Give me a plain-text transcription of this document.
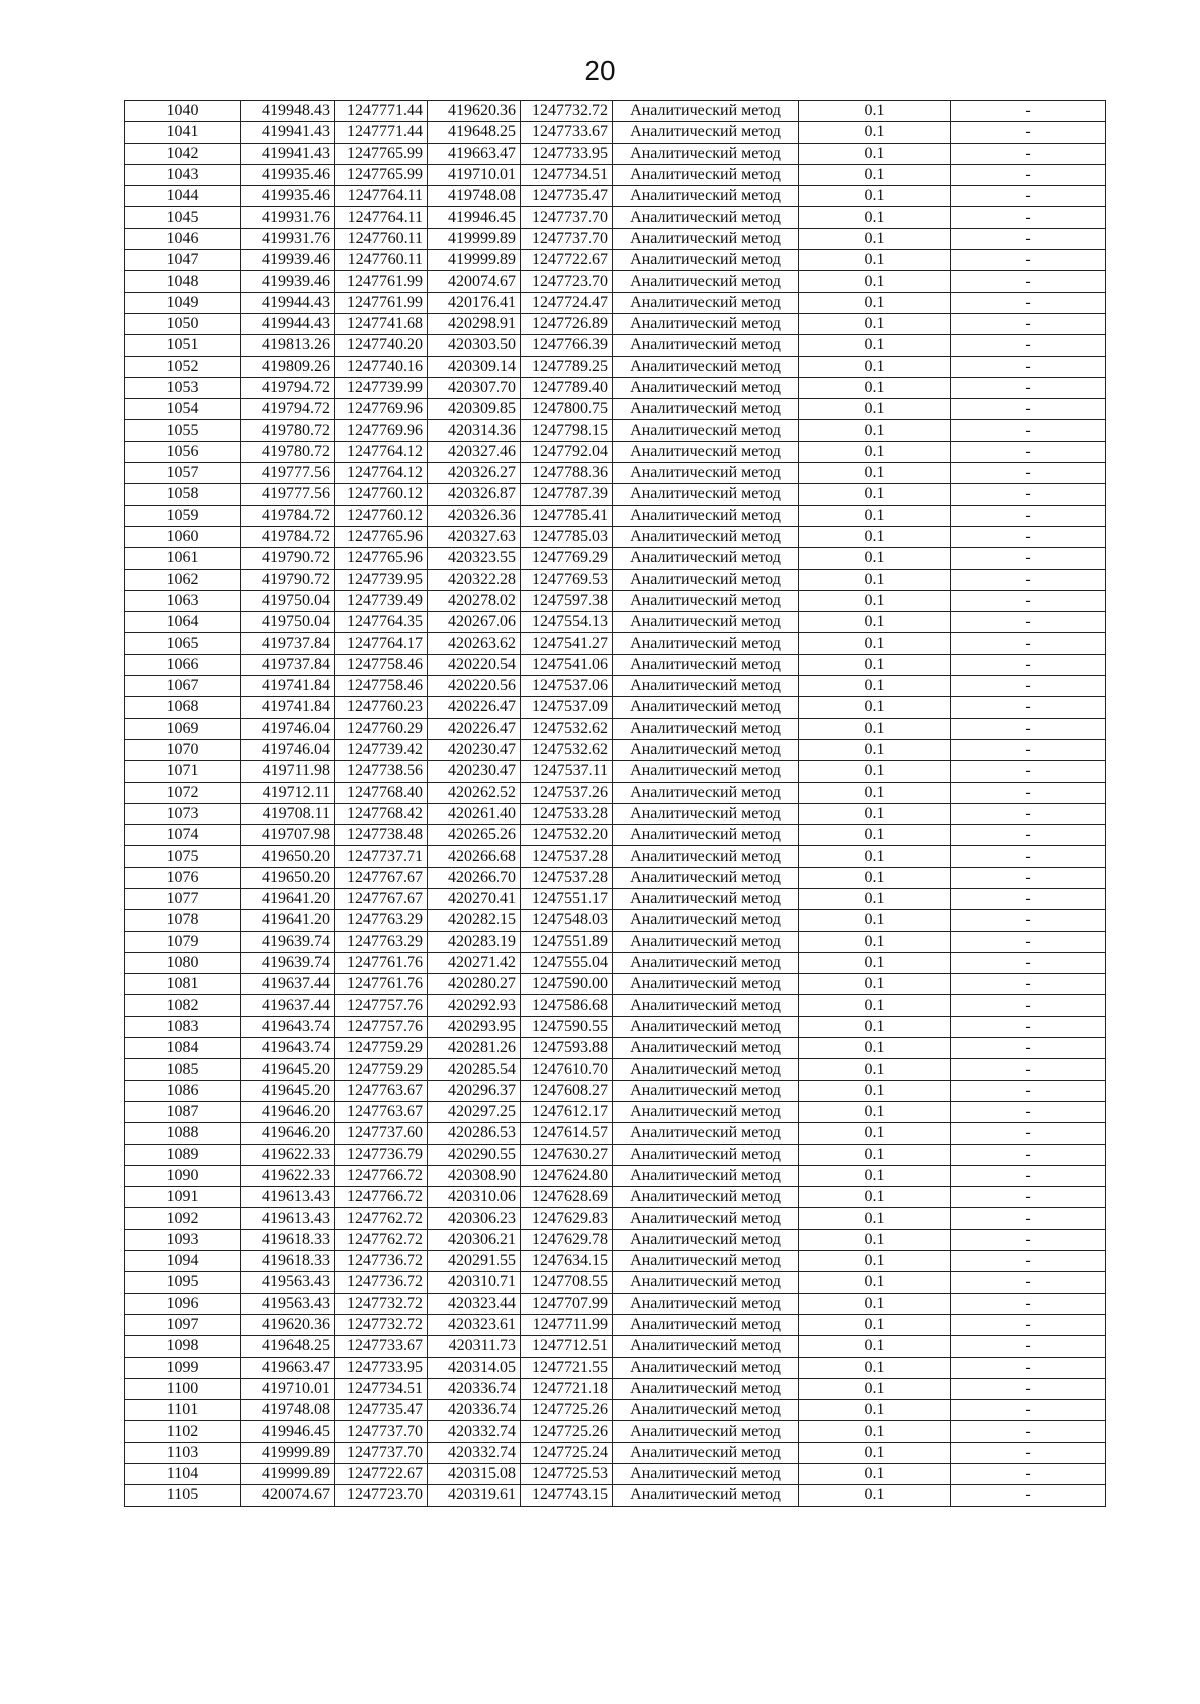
20
1040	419948.43	1247771.44	419620.36	1247732.72	Аналитический метод	0.1	-
1041	419941.43	1247771.44	419648.25	1247733.67	Аналитический метод	0.1	-
1042	419941.43	1247765.99	419663.47	1247733.95	Аналитический метод	0.1	-
1043	419935.46	1247765.99	419710.01	1247734.51	Аналитический метод	0.1	-
1044	419935.46	1247764.11	419748.08	1247735.47	Аналитический метод	0.1	-
1045	419931.76	1247764.11	419946.45	1247737.70	Аналитический метод	0.1	-
1046	419931.76	1247760.11	419999.89	1247737.70	Аналитический метод	0.1	-
1047	419939.46	1247760.11	419999.89	1247722.67	Аналитический метод	0.1	-
1048	419939.46	1247761.99	420074.67	1247723.70	Аналитический метод	0.1	-
1049	419944.43	1247761.99	420176.41	1247724.47	Аналитический метод	0.1	-
1050	419944.43	1247741.68	420298.91	1247726.89	Аналитический метод	0.1	-
1051	419813.26	1247740.20	420303.50	1247766.39	Аналитический метод	0.1	-
1052	419809.26	1247740.16	420309.14	1247789.25	Аналитический метод	0.1	-
1053	419794.72	1247739.99	420307.70	1247789.40	Аналитический метод	0.1	-
1054	419794.72	1247769.96	420309.85	1247800.75	Аналитический метод	0.1	-
1055	419780.72	1247769.96	420314.36	1247798.15	Аналитический метод	0.1	-
1056	419780.72	1247764.12	420327.46	1247792.04	Аналитический метод	0.1	-
1057	419777.56	1247764.12	420326.27	1247788.36	Аналитический метод	0.1	-
1058	419777.56	1247760.12	420326.87	1247787.39	Аналитический метод	0.1	-
1059	419784.72	1247760.12	420326.36	1247785.41	Аналитический метод	0.1	-
1060	419784.72	1247765.96	420327.63	1247785.03	Аналитический метод	0.1	-
1061	419790.72	1247765.96	420323.55	1247769.29	Аналитический метод	0.1	-
1062	419790.72	1247739.95	420322.28	1247769.53	Аналитический метод	0.1	-
1063	419750.04	1247739.49	420278.02	1247597.38	Аналитический метод	0.1	-
1064	419750.04	1247764.35	420267.06	1247554.13	Аналитический метод	0.1	-
1065	419737.84	1247764.17	420263.62	1247541.27	Аналитический метод	0.1	-
1066	419737.84	1247758.46	420220.54	1247541.06	Аналитический метод	0.1	-
1067	419741.84	1247758.46	420220.56	1247537.06	Аналитический метод	0.1	-
1068	419741.84	1247760.23	420226.47	1247537.09	Аналитический метод	0.1	-
1069	419746.04	1247760.29	420226.47	1247532.62	Аналитический метод	0.1	-
1070	419746.04	1247739.42	420230.47	1247532.62	Аналитический метод	0.1	-
1071	419711.98	1247738.56	420230.47	1247537.11	Аналитический метод	0.1	-
1072	419712.11	1247768.40	420262.52	1247537.26	Аналитический метод	0.1	-
1073	419708.11	1247768.42	420261.40	1247533.28	Аналитический метод	0.1	-
1074	419707.98	1247738.48	420265.26	1247532.20	Аналитический метод	0.1	-
1075	419650.20	1247737.71	420266.68	1247537.28	Аналитический метод	0.1	-
1076	419650.20	1247767.67	420266.70	1247537.28	Аналитический метод	0.1	-
1077	419641.20	1247767.67	420270.41	1247551.17	Аналитический метод	0.1	-
1078	419641.20	1247763.29	420282.15	1247548.03	Аналитический метод	0.1	-
1079	419639.74	1247763.29	420283.19	1247551.89	Аналитический метод	0.1	-
1080	419639.74	1247761.76	420271.42	1247555.04	Аналитический метод	0.1	-
1081	419637.44	1247761.76	420280.27	1247590.00	Аналитический метод	0.1	-
1082	419637.44	1247757.76	420292.93	1247586.68	Аналитический метод	0.1	-
1083	419643.74	1247757.76	420293.95	1247590.55	Аналитический метод	0.1	-
1084	419643.74	1247759.29	420281.26	1247593.88	Аналитический метод	0.1	-
1085	419645.20	1247759.29	420285.54	1247610.70	Аналитический метод	0.1	-
1086	419645.20	1247763.67	420296.37	1247608.27	Аналитический метод	0.1	-
1087	419646.20	1247763.67	420297.25	1247612.17	Аналитический метод	0.1	-
1088	419646.20	1247737.60	420286.53	1247614.57	Аналитический метод	0.1	-
1089	419622.33	1247736.79	420290.55	1247630.27	Аналитический метод	0.1	-
1090	419622.33	1247766.72	420308.90	1247624.80	Аналитический метод	0.1	-
1091	419613.43	1247766.72	420310.06	1247628.69	Аналитический метод	0.1	-
1092	419613.43	1247762.72	420306.23	1247629.83	Аналитический метод	0.1	-
1093	419618.33	1247762.72	420306.21	1247629.78	Аналитический метод	0.1	-
1094	419618.33	1247736.72	420291.55	1247634.15	Аналитический метод	0.1	-
1095	419563.43	1247736.72	420310.71	1247708.55	Аналитический метод	0.1	-
1096	419563.43	1247732.72	420323.44	1247707.99	Аналитический метод	0.1	-
1097	419620.36	1247732.72	420323.61	1247711.99	Аналитический метод	0.1	-
1098	419648.25	1247733.67	420311.73	1247712.51	Аналитический метод	0.1	-
1099	419663.47	1247733.95	420314.05	1247721.55	Аналитический метод	0.1	-
1100	419710.01	1247734.51	420336.74	1247721.18	Аналитический метод	0.1	-
1101	419748.08	1247735.47	420336.74	1247725.26	Аналитический метод	0.1	-
1102	419946.45	1247737.70	420332.74	1247725.26	Аналитический метод	0.1	-
1103	419999.89	1247737.70	420332.74	1247725.24	Аналитический метод	0.1	-
1104	419999.89	1247722.67	420315.08	1247725.53	Аналитический метод	0.1	-
1105	420074.67	1247723.70	420319.61	1247743.15	Аналитический метод	0.1	-
